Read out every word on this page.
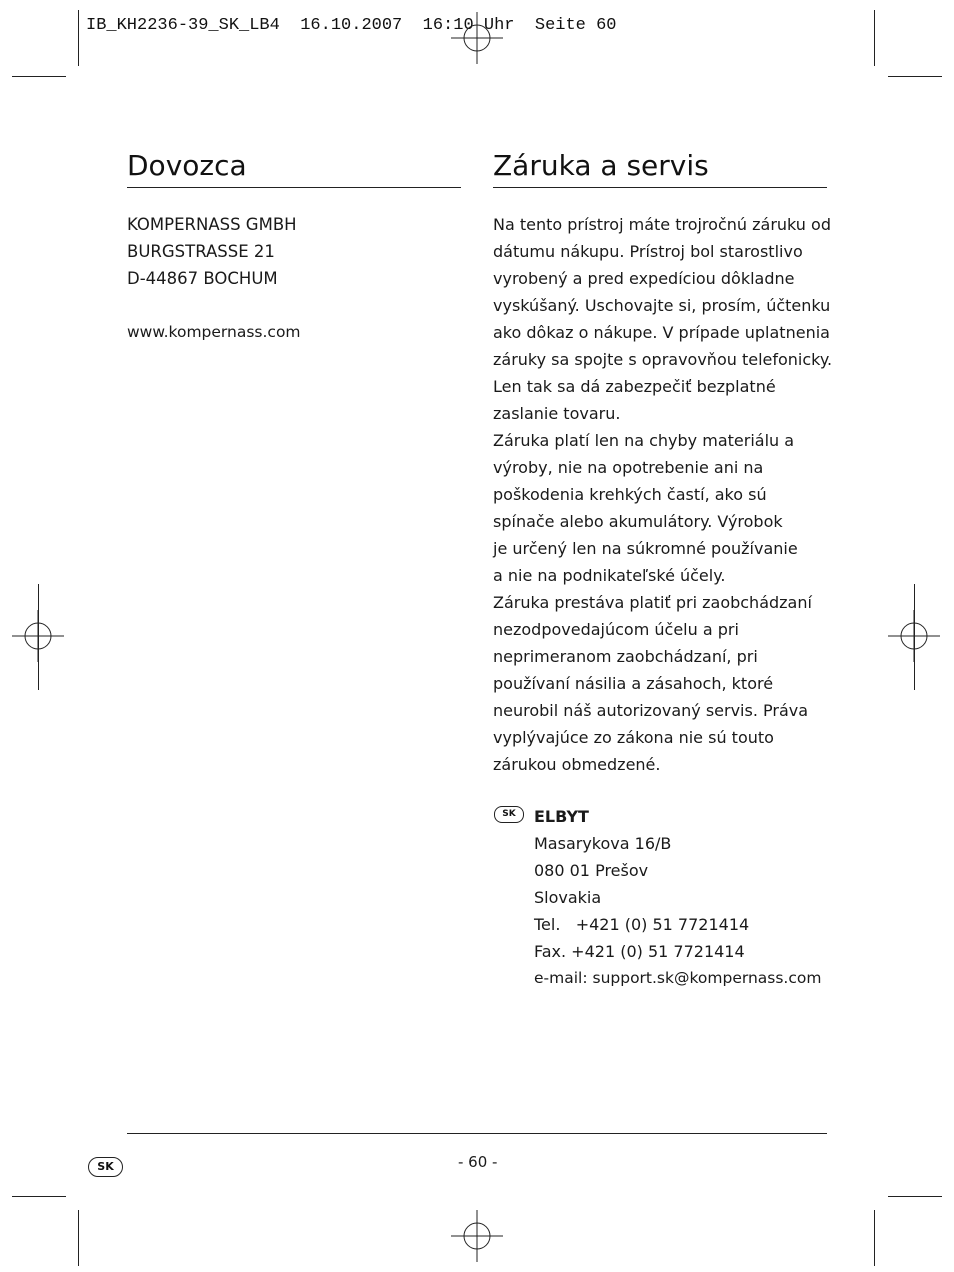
IB_KH2236-39_SK_LB4  16.10.2007  16:10 Uhr  Seite 60
Dovozca
KOMPERNASS GMBH
BURGSTRASSE 21
D-44867 BOCHUM
www.kompernass.com
Záruka a servis
Na tento prístroj máte trojročnú záruku od
dátumu nákupu. Prístroj bol starostlivo
vyrobený a pred expedíciou dôkladne
vyskúšaný. Uschovajte si, prosím, účtenku
ako dôkaz o nákupe. V prípade uplatnenia
záruky sa spojte s opravovňou telefonicky.
Len tak sa dá zabezpečiť bezplatné
zaslanie tovaru.
Záruka platí len na chyby materiálu a
výroby, nie na opotrebenie ani na
poškodenia krehkých častí, ako sú
spínače alebo akumulátory. Výrobok
je určený len na súkromné používanie
a nie na podnikateľské účely.
Záruka prestáva platiť pri zaobchádzaní
nezodpovedajúcom účelu a pri
neprimeranom zaobchádzaní, pri
používaní násilia a zásahoch, ktoré
neurobil náš autorizovaný servis. Práva
vyplývajúce zo zákona nie sú touto
zárukou obmedzené.
SK	ELBYT
Masarykova 16/B
080 01 Prešov
Slovakia
Tel.   +421 (0) 51 7721414
Fax. +421 (0) 51 7721414
e-mail: support.sk@kompernass.com
SK	- 60 -
